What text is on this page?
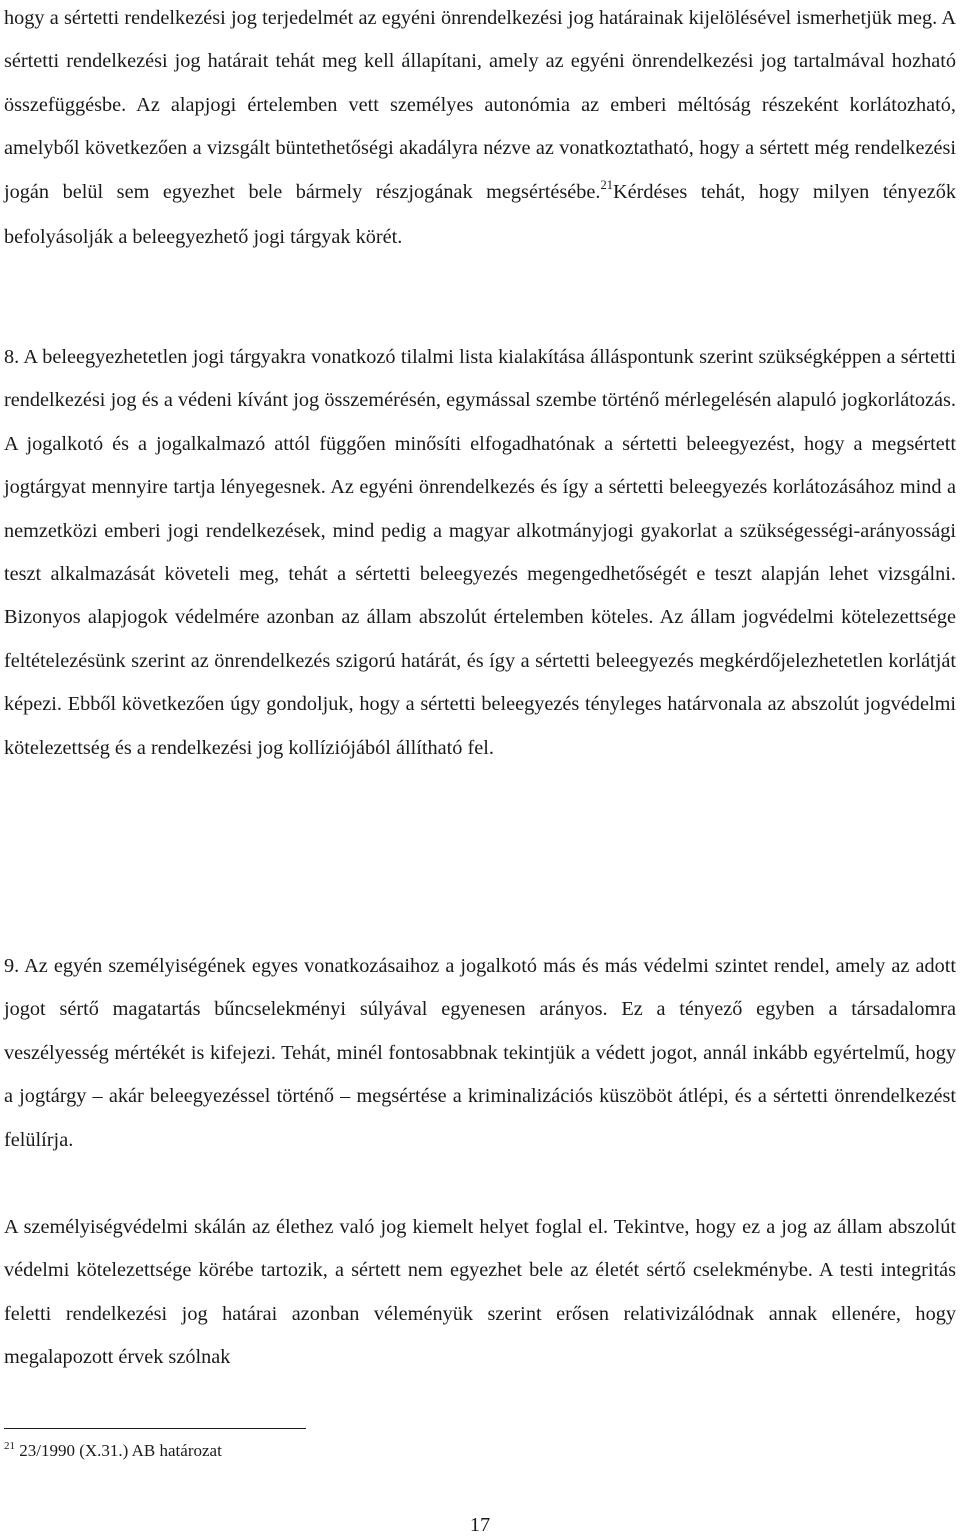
hogy a sértetti rendelkezési jog terjedelmét az egyéni önrendelkezési jog határainak kijelölésével ismerhetjük meg. A sértetti rendelkezési jog határait tehát meg kell állapítani, amely az egyéni önrendelkezési jog tartalmával hozható összefüggésbe. Az alapjogi értelemben vett személyes autonómia az emberi méltóság részeként korlátozható, amelyből következően a vizsgált büntethetőségi akadályra nézve az vonatkoztatható, hogy a sértett még rendelkezési jogán belül sem egyezhet bele bármely részjogának megsértésébe.$^{21}$Kérdéses tehát, hogy milyen tényezők befolyásolják a beleegyezhető jogi tárgyak körét.

8. A beleegyezhetetlen jogi tárgyakra vonatkozó tilalmi lista kialakítása álláspontunk szerint szükségképpen a sértetti rendelkezési jog és a védeni kívánt jog összemérésén, egymással szembe történő mérlegelésén alapuló jogkorlátozás. A jogalkotó és a jogalkalmazó attól függően minősíti elfogadhatónak a sértetti beleegyezést, hogy a megsértett jogtárgyat mennyire tartja lényegesnek. Az egyéni önrendelkezés és így a sértetti beleegyezés korlátozásához mind a nemzetközi emberi jogi rendelkezések, mind pedig a magyar alkotmányjogi gyakorlat a szükségességi-arányossági teszt alkalmazását követeli meg, tehát a sértetti beleegyezés megengedhetőségét e teszt alapján lehet vizsgálni. Bizonyos alapjogok védelmére azonban az állam abszolút értelemben köteles. Az állam jogvédelmi kötelezettsége feltételezésünk szerint az önrendelkezés szigorú határát, és így a sértetti beleegyezés megkérdőjelezhetetlen korlátját képezi. Ebből következően úgy gondoljuk, hogy a sértetti beleegyezés tényleges határvonala az abszolút jogvédelmi kötelezettség és a rendelkezési jog kollíziójából állítható fel.

9. Az egyén személyiségének egyes vonatkozásaihoz a jogalkotó más és más védelmi szintet rendel, amely az adott jogot sértő magatartás bűncselekményi súlyával egyenesen arányos. Ez a tényező egyben a társadalomra veszélyesség mértékét is kifejezi. Tehát, minél fontosabbnak tekintjük a védett jogot, annál inkább egyértelmű, hogy a jogtárgy – akár beleegyezéssel történő – megsértése a kriminalizációs küszöböt átlépi, és a sértetti önrendelkezést felülírja.

A személyiségvédelmi skálán az élethez való jog kiemelt helyet foglal el. Tekintve, hogy ez a jog az állam abszolút védelmi kötelezettsége körébe tartozik, a sértett nem egyezhet bele az életét sértő cselekménybe. A testi integritás feletti rendelkezési jog határai azonban véleményük szerint erősen relativizálódnak annak ellenére, hogy megalapozott érvek szólnak

$^{21}$ 23/1990 (X.31.) AB határozat

17
